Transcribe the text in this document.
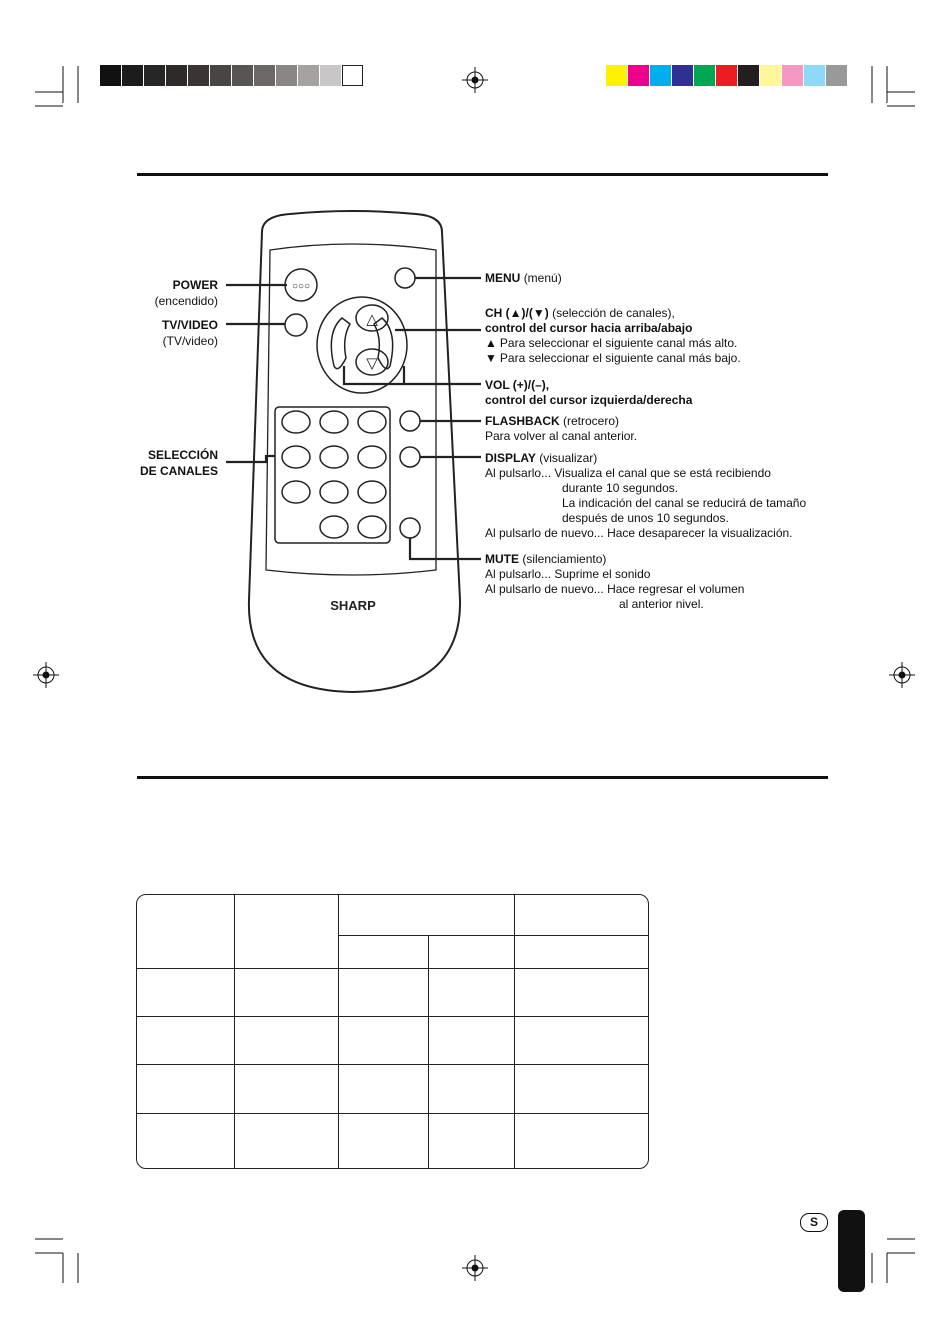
○○○
△
▽
SHARP
POWER
(encendido)
TV/VIDEO
(TV/video)
SELECCIÓN
DE CANALES
MENU (menú)
CH (▲)/(▼) (selección de canales),
control del cursor hacia arriba/abajo
▲ Para seleccionar el siguiente canal más alto.
▼ Para seleccionar el siguiente canal más bajo.
VOL (+)/(–),
control del cursor izquierda/derecha
FLASHBACK (retrocero)
Para volver al canal anterior.
DISPLAY (visualizar)
Al pulsarlo... Visualiza el canal que se está recibiendo
durante 10 segundos.
La indicación del canal se reducirá de tamaño
después de unos 10 segundos.
Al pulsarlo de nuevo... Hace desaparecer la visualización.
MUTE (silenciamiento)
Al pulsarlo... Suprime el sonido
Al pulsarlo de nuevo... Hace regresar el volumen
al anterior nivel.
S
